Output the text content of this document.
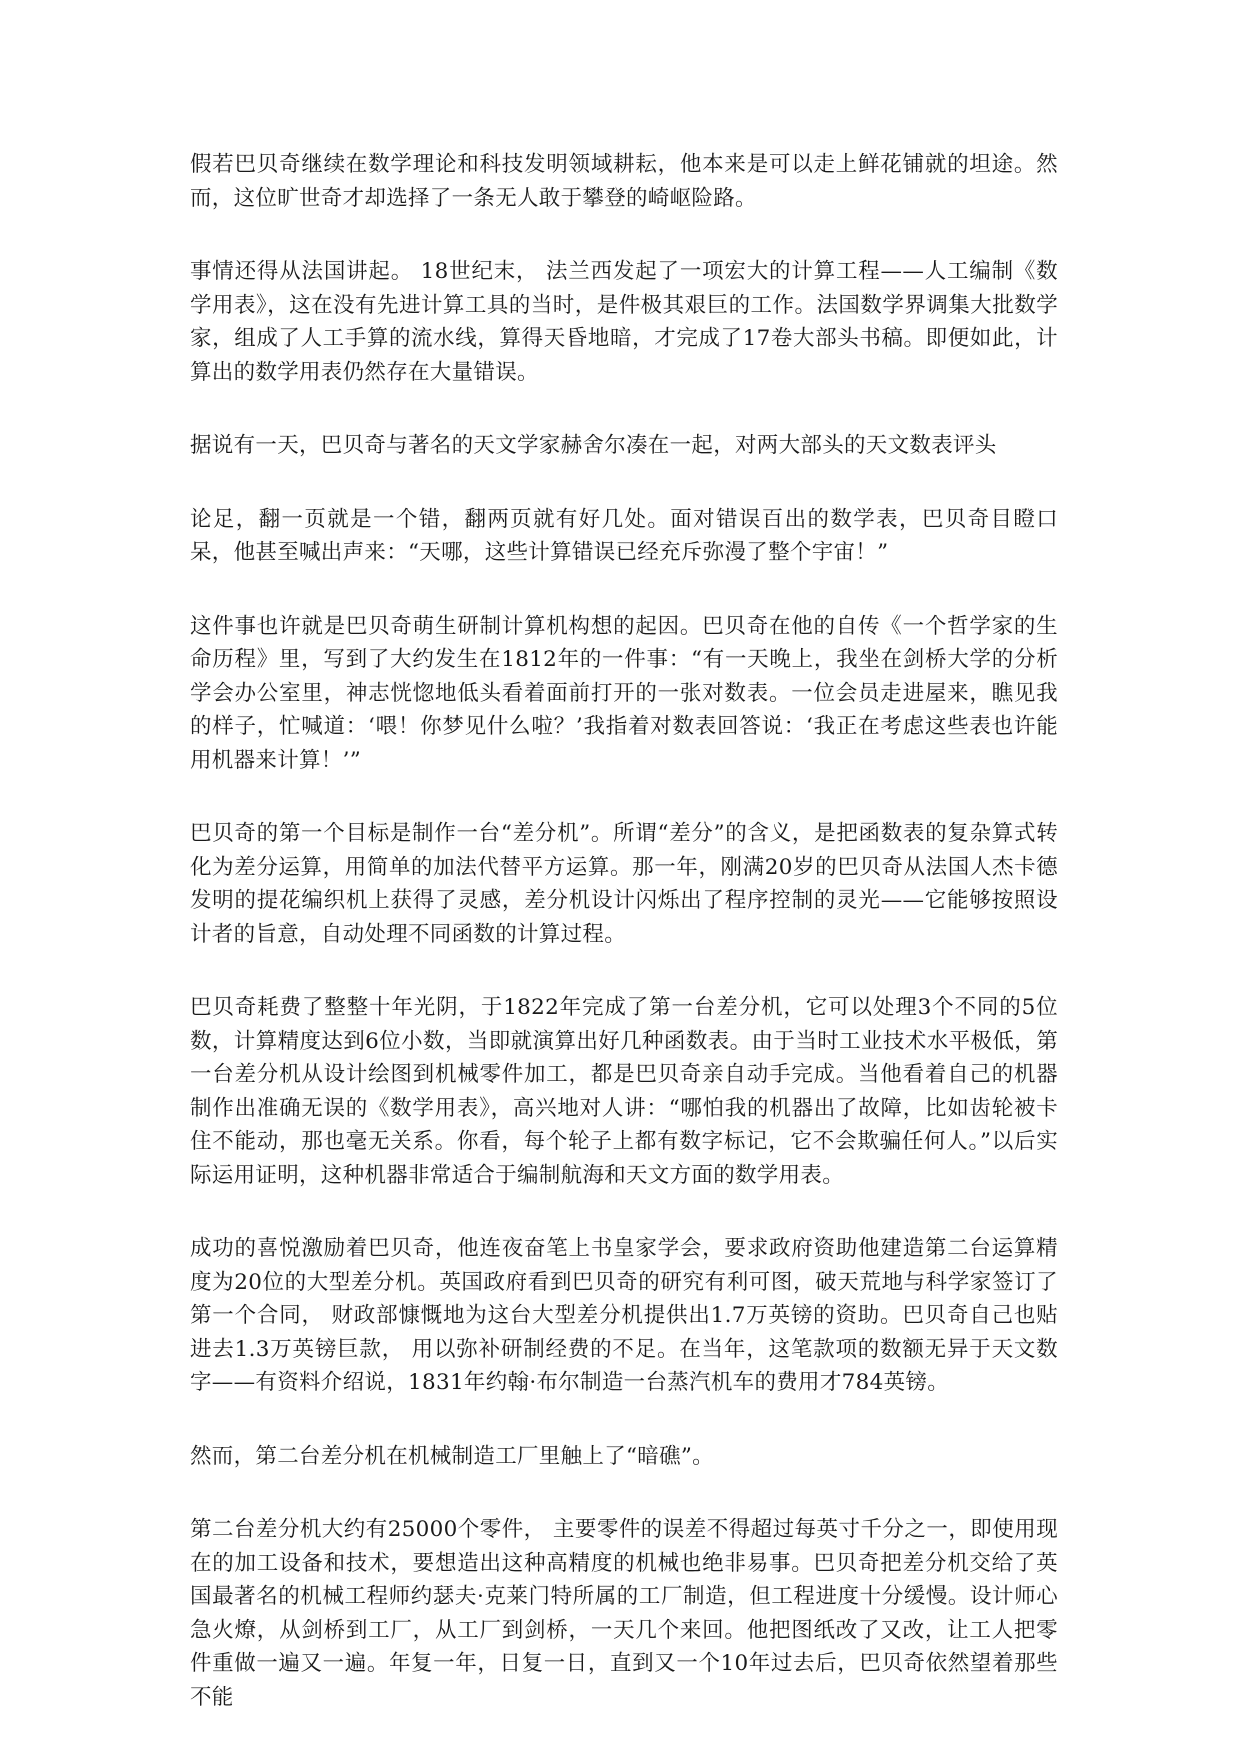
假若巴贝奇继续在数学理论和科技发明领域耕耘，他本来是可以走上鲜花铺就的坦途。然而，这位旷世奇才却选择了一条无人敢于攀登的崎岖险路。

事情还得从法国讲起。 18世纪末， 法兰西发起了一项宏大的计算工程——人工编制《数学用表》，这在没有先进计算工具的当时，是件极其艰巨的工作。法国数学界调集大批数学家，组成了人工手算的流水线，算得天昏地暗，才完成了17卷大部头书稿。即便如此，计算出的数学用表仍然存在大量错误。

据说有一天，巴贝奇与著名的天文学家赫舍尔凑在一起，对两大部头的天文数表评头

论足，翻一页就是一个错，翻两页就有好几处。面对错误百出的数学表，巴贝奇目瞪口呆，他甚至喊出声来：“天哪，这些计算错误已经充斥弥漫了整个宇宙！”

这件事也许就是巴贝奇萌生研制计算机构想的起因。巴贝奇在他的自传《一个哲学家的生命历程》里，写到了大约发生在1812年的一件事：“有一天晚上，我坐在剑桥大学的分析学会办公室里，神志恍惚地低头看着面前打开的一张对数表。一位会员走进屋来，瞧见我的样子，忙喊道：‘喂！你梦见什么啦？’我指着对数表回答说：‘我正在考虑这些表也许能用机器来计算！’”

巴贝奇的第一个目标是制作一台“差分机”。所谓“差分”的含义，是把函数表的复杂算式转化为差分运算，用简单的加法代替平方运算。那一年，刚满20岁的巴贝奇从法国人杰卡德发明的提花编织机上获得了灵感，差分机设计闪烁出了程序控制的灵光——它能够按照设计者的旨意，自动处理不同函数的计算过程。

巴贝奇耗费了整整十年光阴，于1822年完成了第一台差分机，它可以处理3个不同的5位数，计算精度达到6位小数，当即就演算出好几种函数表。由于当时工业技术水平极低，第一台差分机从设计绘图到机械零件加工，都是巴贝奇亲自动手完成。当他看着自己的机器制作出准确无误的《数学用表》，高兴地对人讲：“哪怕我的机器出了故障，比如齿轮被卡住不能动，那也毫无关系。你看，每个轮子上都有数字标记，它不会欺骗任何人。”以后实际运用证明，这种机器非常适合于编制航海和天文方面的数学用表。

成功的喜悦激励着巴贝奇，他连夜奋笔上书皇家学会，要求政府资助他建造第二台运算精度为20位的大型差分机。英国政府看到巴贝奇的研究有利可图，破天荒地与科学家签订了第一个合同， 财政部慷慨地为这台大型差分机提供出1.7万英镑的资助。巴贝奇自己也贴进去1.3万英镑巨款， 用以弥补研制经费的不足。在当年，这笔款项的数额无异于天文数字——有资料介绍说，1831年约翰·布尔制造一台蒸汽机车的费用才784英镑。

然而，第二台差分机在机械制造工厂里触上了“暗礁”。

第二台差分机大约有25000个零件， 主要零件的误差不得超过每英寸千分之一，即使用现在的加工设备和技术，要想造出这种高精度的机械也绝非易事。巴贝奇把差分机交给了英国最著名的机械工程师约瑟夫·克莱门特所属的工厂制造，但工程进度十分缓慢。设计师心急火燎，从剑桥到工厂，从工厂到剑桥，一天几个来回。他把图纸改了又改，让工人把零件重做一遍又一遍。年复一年，日复一日，直到又一个10年过去后，巴贝奇依然望着那些不能
